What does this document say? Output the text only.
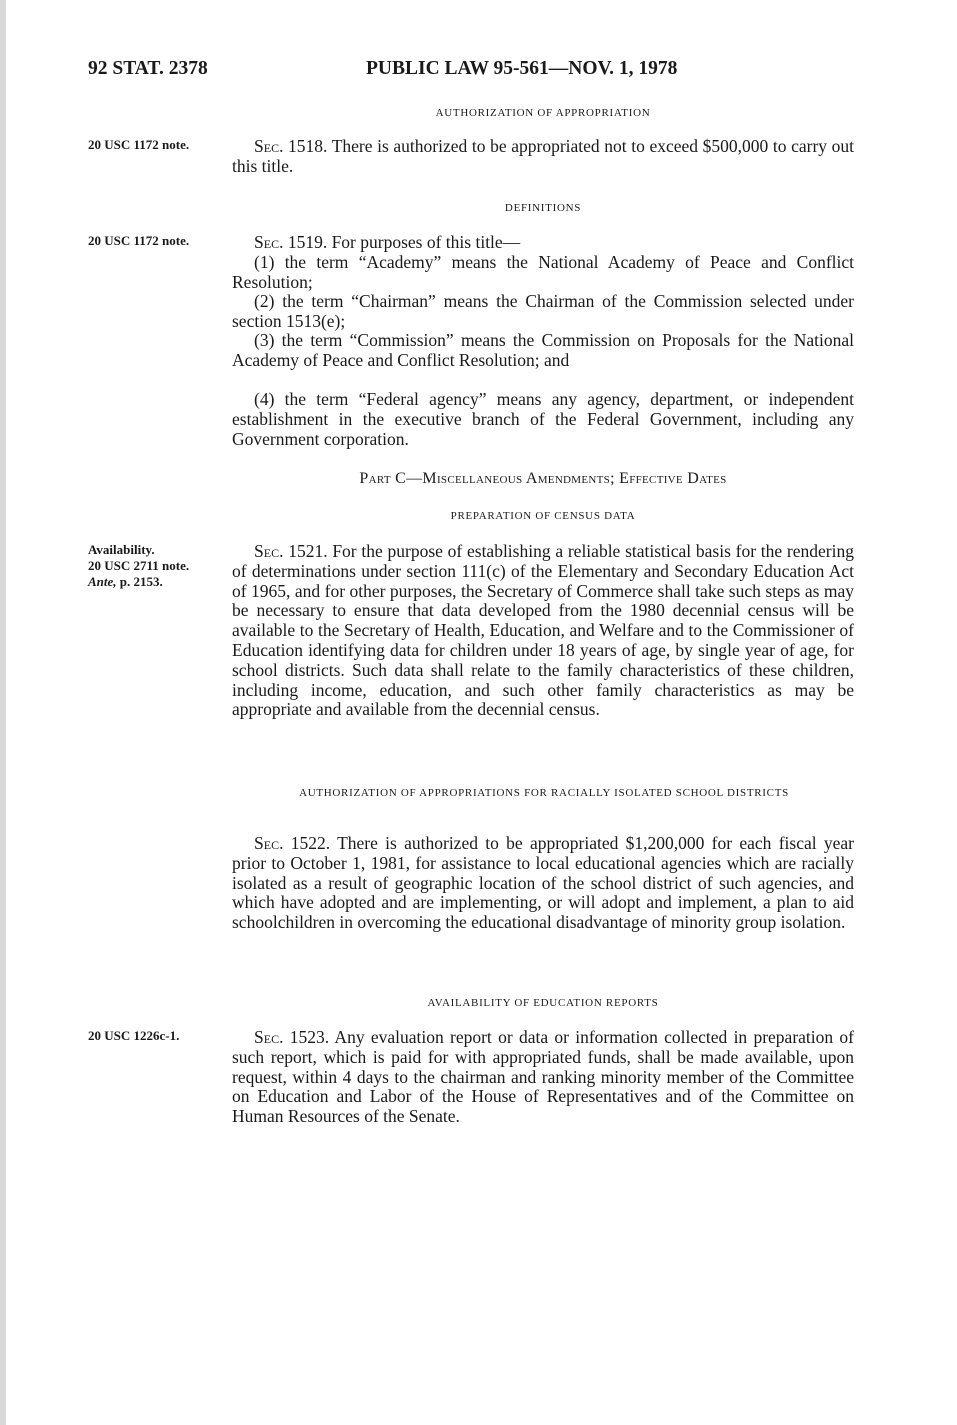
92 STAT. 2378	PUBLIC LAW 95-561—NOV. 1, 1978
AUTHORIZATION OF APPROPRIATION

20 USC 1172 note.	Sec. 1518. There is authorized to be appropriated not to exceed $500,000 to carry out this title.

DEFINITIONS

20 USC 1172 note.	Sec. 1519. For purposes of this title—

(1) the term “Academy” means the National Academy of Peace and Conflict Resolution;

(2) the term “Chairman” means the Chairman of the Commission selected under section 1513(e);

(3) the term “Commission” means the Commission on Proposals for the National Academy of Peace and Conflict Resolution; and

(4) the term “Federal agency” means any agency, department, or independent establishment in the executive branch of the Federal Government, including any Government corporation.

Part C—Miscellaneous Amendments; Effective Dates
PREPARATION OF CENSUS DATA
Availability.
20 USC 2711 note.
Ante, p. 2153.

Sec. 1521. For the purpose of establishing a reliable statistical basis for the rendering of determinations under section 111(c) of the Elementary and Secondary Education Act of 1965, and for other purposes, the Secretary of Commerce shall take such steps as may be necessary to ensure that data developed from the 1980 decennial census will be available to the Secretary of Health, Education, and Welfare and to the Commissioner of Education identifying data for children under 18 years of age, by single year of age, for school districts. Such data shall relate to the family characteristics of these children, including income, education, and such other family characteristics as may be appropriate and available from the decennial census.

AUTHORIZATION OF APPROPRIATIONS FOR RACIALLY ISOLATED SCHOOL DISTRICTS

Sec. 1522. There is authorized to be appropriated $1,200,000 for each fiscal year prior to October 1, 1981, for assistance to local educational agencies which are racially isolated as a result of geographic location of the school district of such agencies, and which have adopted and are implementing, or will adopt and implement, a plan to aid schoolchildren in overcoming the educational disadvantage of minority group isolation.

AVAILABILITY OF EDUCATION REPORTS

20 USC 1226c-1.	Sec. 1523. Any evaluation report or data or information collected in preparation of such report, which is paid for with appropriated funds, shall be made available, upon request, within 4 days to the chairman and ranking minority member of the Committee on Education and Labor of the House of Representatives and of the Committee on Human Resources of the Senate.
